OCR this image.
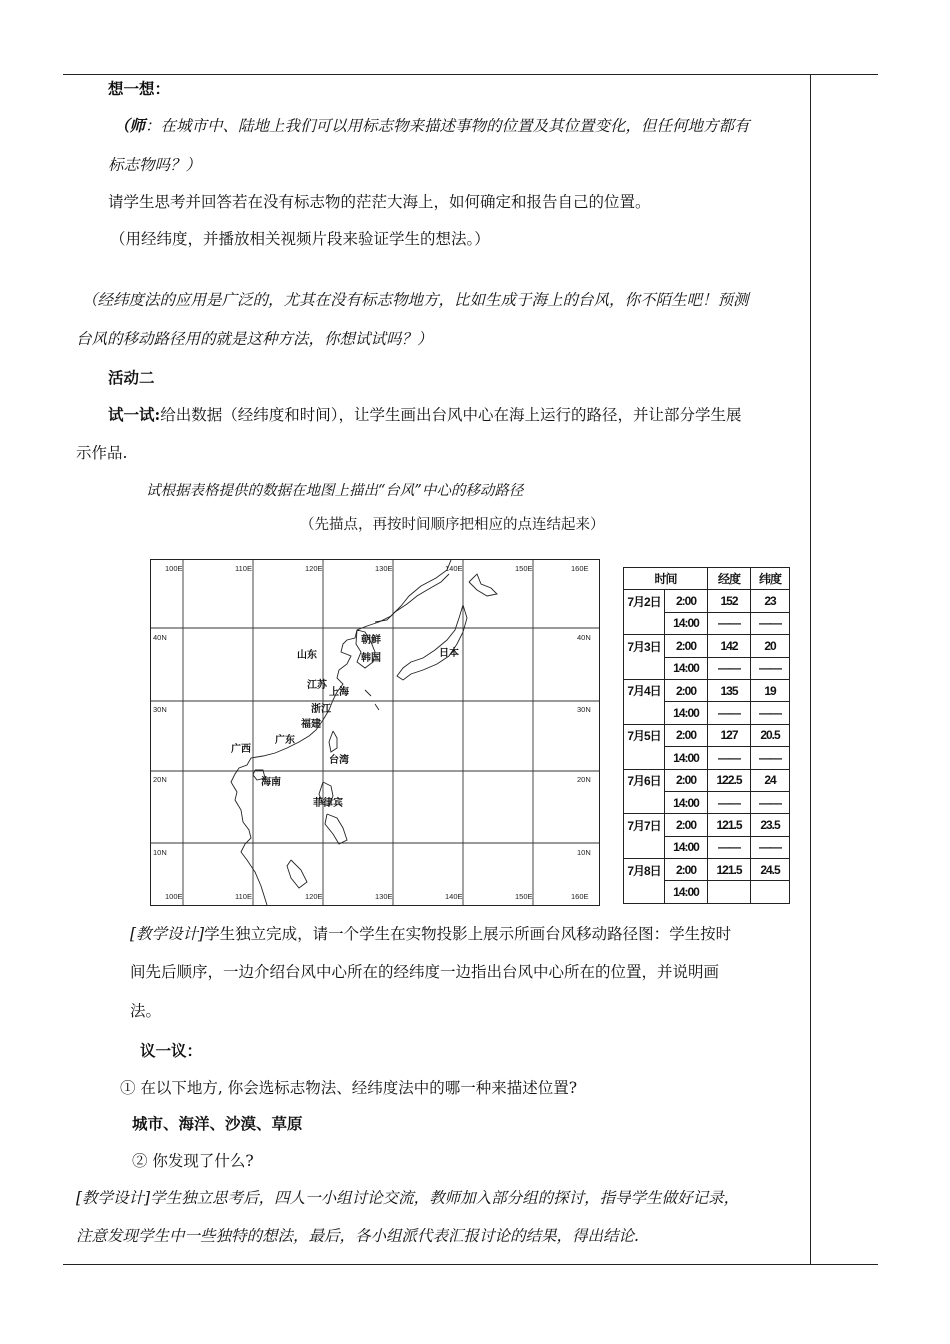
想一想：
（师：在城市中、陆地上我们可以用标志物来描述事物的位置及其位置变化，但任何地方都有
标志物吗？）
请学生思考并回答若在没有标志物的茫茫大海上，如何确定和报告自己的位置。
（用经纬度，并播放相关视频片段来验证学生的想法。）
（经纬度法的应用是广泛的，尤其在没有标志物地方，比如生成于海上的台风，你不陌生吧！预测
台风的移动路径用的就是这种方法，你想试试吗？）
活动二
试一试:给出数据（经纬度和时间），让学生画出台风中心在海上运行的路径，并让部分学生展
示作品.
试根据表格提供的数据在地图上描出“台风”中心的移动路径
（先描点，再按时间顺序把相应的点连结起来）
100E	110E	120E	130E	140E	150E	160E
100E	110E	120E	130E	140E	150E	160E
40N
30N
20N
10N
40N
30N
20N
10N
朝鲜
山东	韩国	日本
江苏
上海
浙江
福建
广东
广西
台湾
海南
菲律宾
时间		经度	纬度
7月2日	2:00	152	23
	14:00	——	——
7月3日	2:00	142	20
	14:00	——	——
7月4日	2:00	135	19
	14:00	——	——
7月5日	2:00	127	20.5
	14:00	——	——
7月6日	2:00	122.5	24
	14:00	——	——
7月7日	2:00	121.5	23.5
	14:00	——	——
7月8日	2:00	121.5	24.5
	14:00		
[教学设计]学生独立完成，请一个学生在实物投影上展示所画台风移动路径图：学生按时
间先后顺序，一边介绍台风中心所在的经纬度一边指出台风中心所在的位置，并说明画
法。
议一议：
① 在以下地方, 你会选标志物法、经纬度法中的哪一种来描述位置?
城市、海洋、沙漠、草原
② 你发现了什么?
[教学设计]学生独立思考后，四人一小组讨论交流，教师加入部分组的探讨，指导学生做好记录，
注意发现学生中一些独特的想法，最后，各小组派代表汇报讨论的结果，得出结论.
